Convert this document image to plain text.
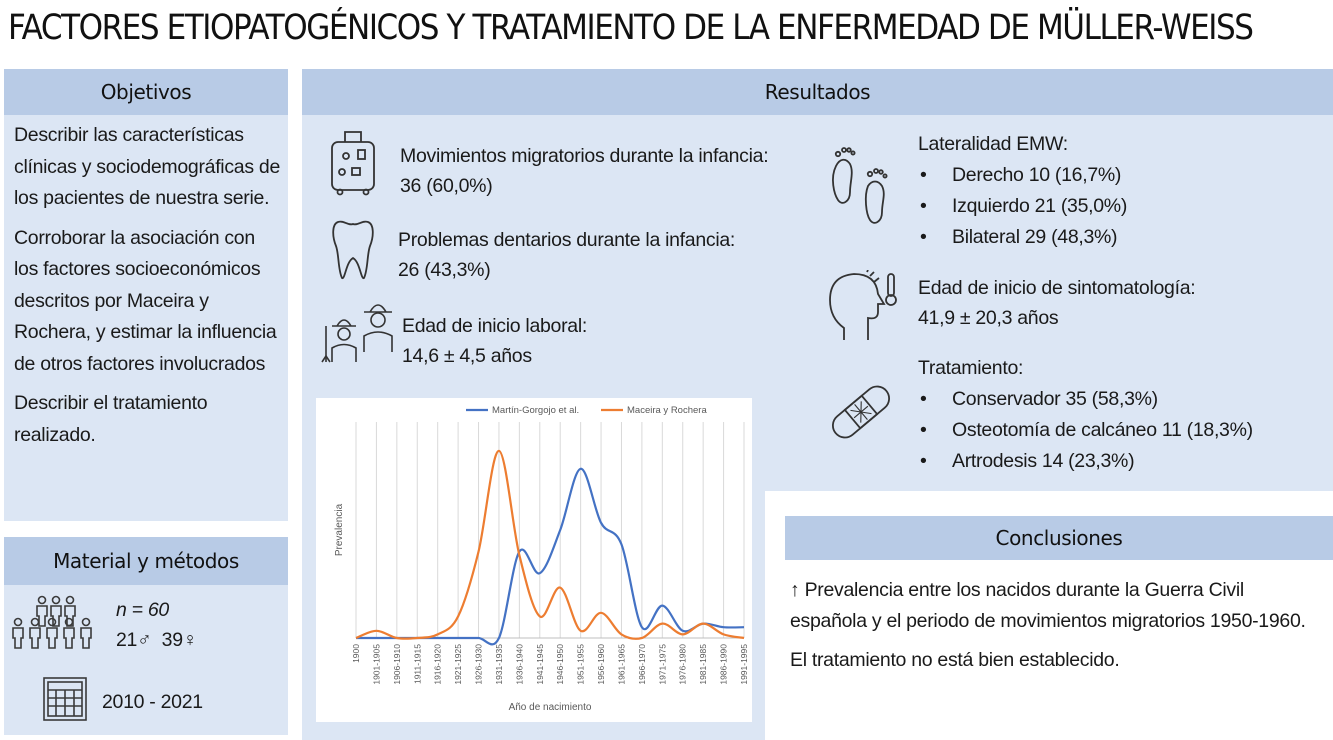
FACTORES ETIOPATOGÉNICOS Y TRATAMIENTO DE LA ENFERMEDAD DE MÜLLER-WEISS
Objetivos

Describir las características clínicas y sociodemográficas de los pacientes de nuestra serie.

Corroborar la asociación con los factores socioeconómicos descritos por Maceira y Rochera, y estimar la influencia de otros factores involucrados

Describir el tratamiento realizado.

Material y métodos
n = 60
21♂  39♀
2010 - 2021
Resultados
Movimientos migratorios durante la infancia:
36 (60,0%)
Problemas dentarios durante la infancia:
26 (43,3%)
Edad de inicio laboral:
14,6 ± 4,5 años
Lateralidad EMW:
• Derecho 10 (16,7%)
• Izquierdo 21 (35,0%)
• Bilateral 29 (48,3%)
Edad de inicio de sintomatología:
41,9 ± 20,3 años
Tratamiento:
• Conservador 35 (58,3%)
• Osteotomía de calcáneo 11 (18,3%)
• Artrodesis 14 (23,3%)
1900 1901-1905 1906-1910 1911-1915 1916-1920 1921-1925 1926-1930 1931-1935 1936-1940 1941-1945 1946-1950 1951-1955 1956-1960 1961-1965 1966-1970 1971-1975 1976-1980 1981-1985 1986-1990 1991-1995
Año de nacimiento
Prevalencia
Martín-Gorgojo et al.	Maceira y Rochera
Conclusiones

↑ Prevalencia entre los nacidos durante la Guerra Civil española y el periodo de movimientos migratorios 1950-1960.

El tratamiento no está bien establecido.
